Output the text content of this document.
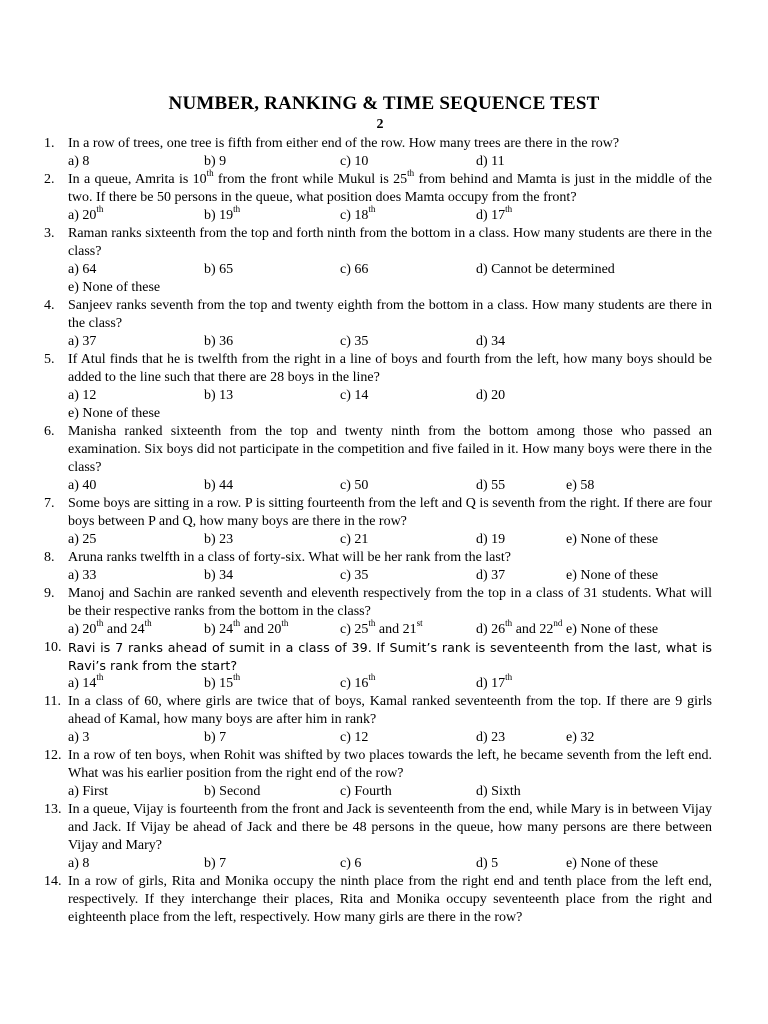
NUMBER, RANKING & TIME SEQUENCE TEST
2
1. In a row of trees, one tree is fifth from either end of the row. How many trees are there in the row?
a) 8	b) 9	c) 10	d) 11
2. In a queue, Amrita is 10th from the front while Mukul is 25th from behind and Mamta is just in the middle of the two. If there be 50 persons in the queue, what position does Mamta occupy from the front?
a) 20th	b) 19th	c) 18th	d) 17th
3. Raman ranks sixteenth from the top and forth ninth from the bottom in a class. How many students are there in the class?
a) 64	b) 65	c) 66	d) Cannot be determined
e) None of these
4. Sanjeev ranks seventh from the top and twenty eighth from the bottom in a class. How many students are there in the class?
a) 37	b) 36	c) 35	d) 34
5. If Atul finds that he is twelfth from the right in a line of boys and fourth from the left, how many boys should be added to the line such that there are 28 boys in the line?
a) 12	b) 13	c) 14	d) 20
e) None of these
6. Manisha ranked sixteenth from the top and twenty ninth from the bottom among those who passed an examination. Six boys did not participate in the competition and five failed in it. How many boys were there in the class?
a) 40	b) 44	c) 50	d) 55	e) 58
7. Some boys are sitting in a row. P is sitting fourteenth from the left and Q is seventh from the right. If there are four boys between P and Q, how many boys are there in the row?
a) 25	b) 23	c) 21	d) 19	e) None of these
8. Aruna ranks twelfth in a class of forty-six. What will be her rank from the last?
a) 33	b) 34	c) 35	d) 37	e) None of these
9. Manoj and Sachin are ranked seventh and eleventh respectively from the top in a class of 31 students. What will be their respective ranks from the bottom in the class?
a) 20th and 24th	b) 24th and 20th	c) 25th and 21st	d) 26th and 22nd e) None of these
10. Ravi is 7 ranks ahead of sumit in a class of 39. If Sumit’s rank is seventeenth from the last, what is Ravi’s rank from the start?
a) 14th	b) 15th	c) 16th	d) 17th
11. In a class of 60, where girls are twice that of boys, Kamal ranked seventeenth from the top. If there are 9 girls ahead of Kamal, how many boys are after him in rank?
a) 3	b) 7	c) 12	d) 23	e) 32
12. In a row of ten boys, when Rohit was shifted by two places towards the left, he became seventh from the left end. What was his earlier position from the right end of the row?
a) First	b) Second	c) Fourth	d) Sixth
13. In a queue, Vijay is fourteenth from the front and Jack is seventeenth from the end, while Mary is in between Vijay and Jack. If Vijay be ahead of Jack and there be 48 persons in the queue, how many persons are there between Vijay and Mary?
a) 8	b) 7	c) 6	d) 5	e) None of these
14. In a row of girls, Rita and Monika occupy the ninth place from the right end and tenth place from the left end, respectively. If they interchange their places, Rita and Monika occupy seventeenth place from the right and eighteenth place from the left, respectively. How many girls are there in the row?
